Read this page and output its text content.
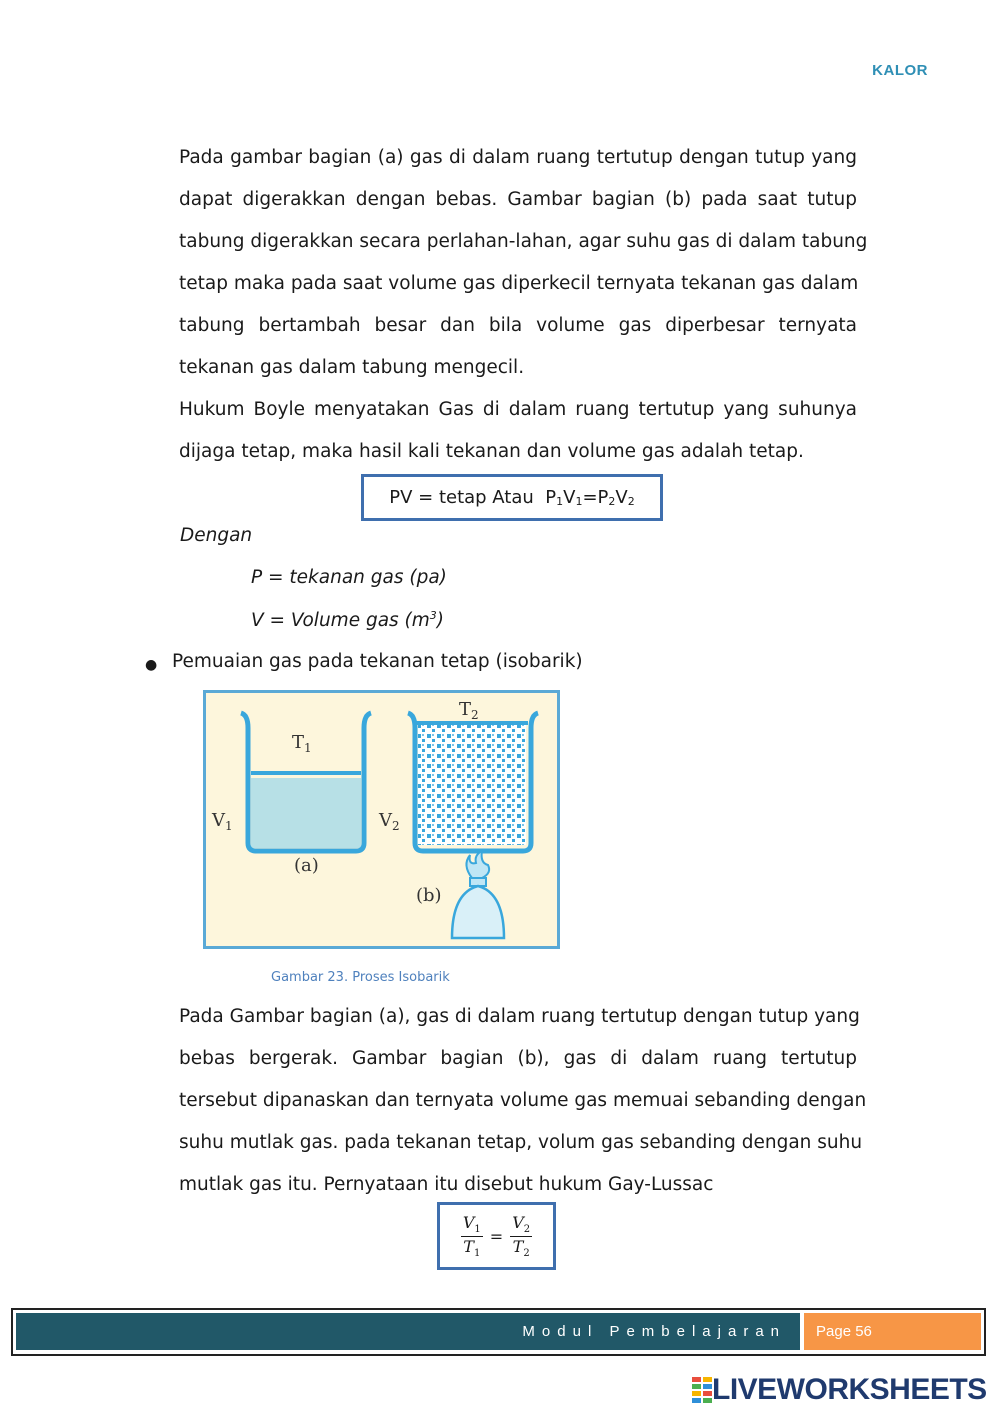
KALOR
Pada gambar bagian (a) gas di dalam ruang tertutup dengan tutup yang
dapat digerakkan dengan bebas. Gambar bagian (b) pada saat tutup
tabung digerakkan secara perlahan-lahan, agar suhu gas di dalam tabung
tetap maka pada saat volume gas diperkecil ternyata tekanan gas dalam
tabung bertambah besar dan bila volume gas diperbesar ternyata
tekanan gas dalam tabung mengecil.
Hukum Boyle menyatakan Gas di dalam ruang tertutup yang suhunya
dijaga tetap, maka hasil kali tekanan dan volume gas adalah tetap.
PV = tetap Atau $P_1V_1=P_2V_2$
Dengan
P = tekanan gas (pa)
V = Volume gas $(m^3)$
● Pemuaian gas pada tekanan tetap (isobarik)
$T_1$
$T_2$
$V_1$	$V_2$
(a)
(b)
Gambar 23. Proses Isobarik
Pada Gambar bagian (a), gas di dalam ruang tertutup dengan tutup yang
bebas bergerak. Gambar bagian (b), gas di dalam ruang tertutup
tersebut dipanaskan dan ternyata volume gas memuai sebanding dengan
suhu mutlak gas. pada tekanan tetap, volum gas sebanding dengan suhu
mutlak gas itu. Pernyataan itu disebut hukum Gay-Lussac
$\frac{V_1}{T_1} = \frac{V_2}{T_2}$
Modul Pembelajaran	Page 56
LIVEWORKSHEETS
